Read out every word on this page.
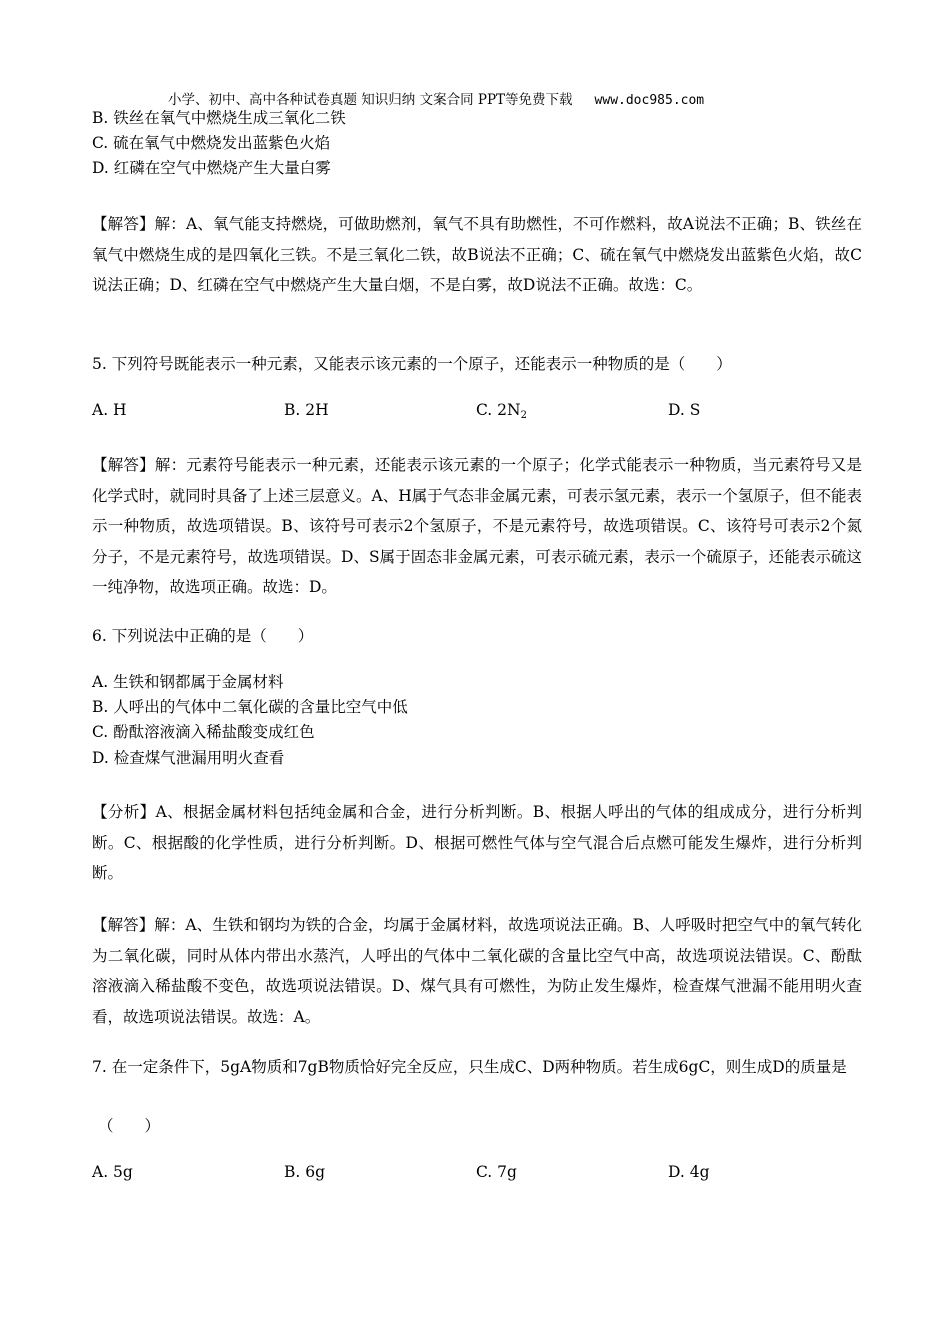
小学、初中、高中各种试卷真题 知识归纳 文案合同 PPT等免费下载 www.doc985.com
B. 铁丝在氧气中燃烧生成三氧化二铁
C. 硫在氧气中燃烧发出蓝紫色火焰
D. 红磷在空气中燃烧产生大量白雾
【解答】解：A、氧气能支持燃烧，可做助燃剂，氧气不具有助燃性，不可作燃料，故A说法不正确；B、铁丝在氧气中燃烧生成的是四氧化三铁。不是三氧化二铁，故B说法不正确；C、硫在氧气中燃烧发出蓝紫色火焰，故C说法正确；D、红磷在空气中燃烧产生大量白烟，不是白雾，故D说法不正确。故选：C。
5. 下列符号既能表示一种元素，又能表示该元素的一个原子，还能表示一种物质的是（　　）
A. H	B. 2H	C. $2N_2$	D. S
【解答】解：元素符号能表示一种元素，还能表示该元素的一个原子；化学式能表示一种物质，当元素符号又是化学式时，就同时具备了上述三层意义。A、H属于气态非金属元素，可表示氢元素，表示一个氢原子，但不能表示一种物质，故选项错误。B、该符号可表示2个氢原子，不是元素符号，故选项错误。C、该符号可表示2个氮分子，不是元素符号，故选项错误。D、S属于固态非金属元素，可表示硫元素，表示一个硫原子，还能表示硫这一纯净物，故选项正确。故选：D。
6. 下列说法中正确的是（　　）
A. 生铁和钢都属于金属材料
B. 人呼出的气体中二氧化碳的含量比空气中低
C. 酚酞溶液滴入稀盐酸变成红色
D. 检查煤气泄漏用明火查看
【分析】A、根据金属材料包括纯金属和合金，进行分析判断。B、根据人呼出的气体的组成成分，进行分析判断。C、根据酸的化学性质，进行分析判断。D、根据可燃性气体与空气混合后点燃可能发生爆炸，进行分析判断。
【解答】解：A、生铁和钢均为铁的合金，均属于金属材料，故选项说法正确。B、人呼吸时把空气中的氧气转化为二氧化碳，同时从体内带出水蒸汽，人呼出的气体中二氧化碳的含量比空气中高，故选项说法错误。C、酚酞溶液滴入稀盐酸不变色，故选项说法错误。D、煤气具有可燃性，为防止发生爆炸，检查煤气泄漏不能用明火查看，故选项说法错误。故选：A。
7. 在一定条件下，5gA物质和7gB物质恰好完全反应，只生成C、D两种物质。若生成6gC，则生成D的质量是
（　　）
A. 5g	B. 6g	C. 7g	D. 4g
